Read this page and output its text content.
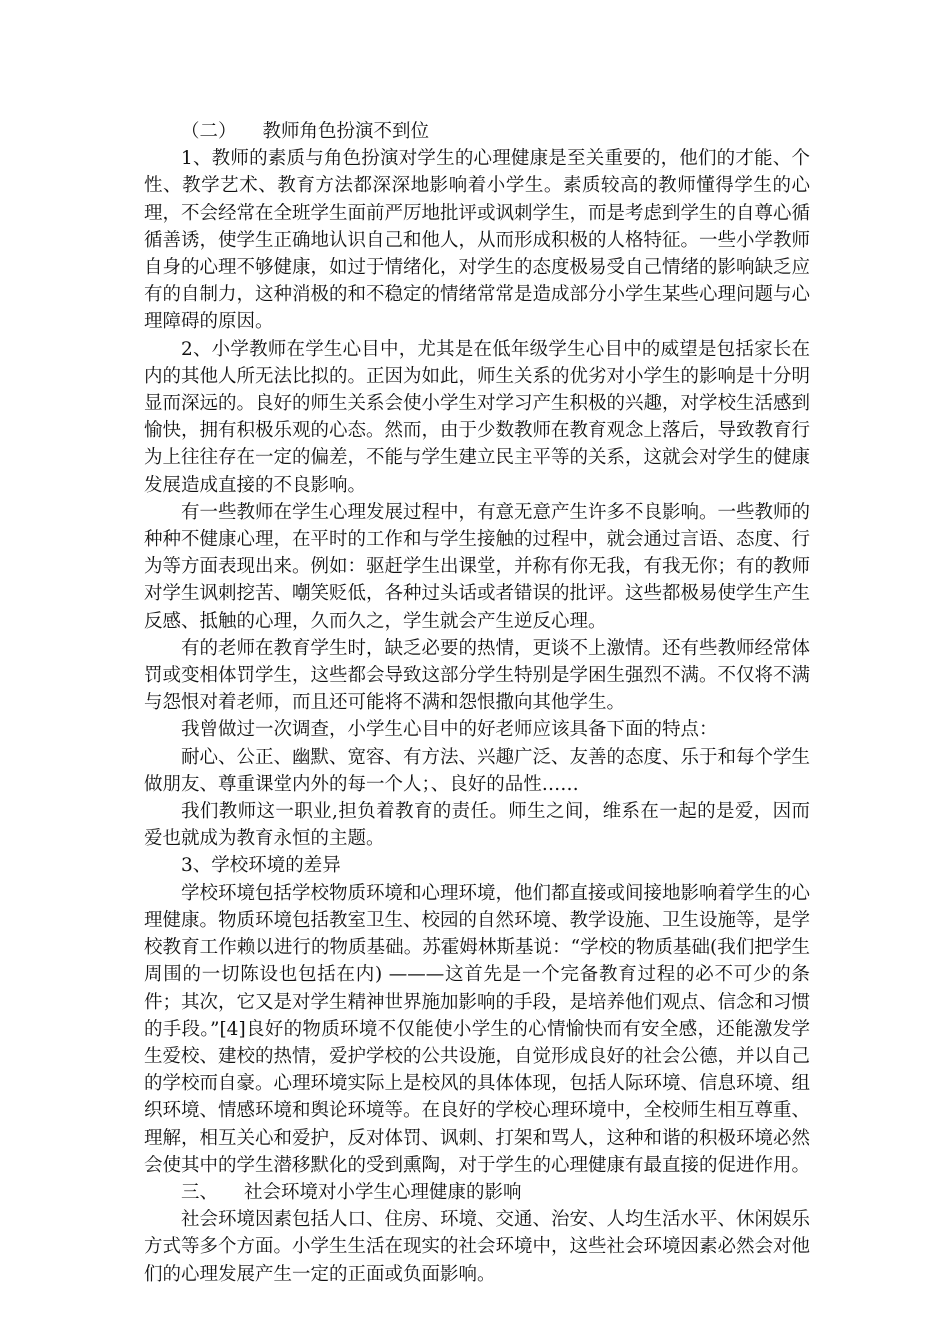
（二） 教师角色扮演不到位

1、教师的素质与角色扮演对学生的心理健康是至关重要的，他们的才能、个性、教学艺术、教育方法都深深地影响着小学生。素质较高的教师懂得学生的心理，不会经常在全班学生面前严厉地批评或讽刺学生，而是考虑到学生的自尊心循循善诱，使学生正确地认识自己和他人，从而形成积极的人格特征。一些小学教师自身的心理不够健康，如过于情绪化，对学生的态度极易受自己情绪的影响缺乏应有的自制力，这种消极的和不稳定的情绪常常是造成部分小学生某些心理问题与心理障碍的原因。

2、小学教师在学生心目中，尤其是在低年级学生心目中的威望是包括家长在内的其他人所无法比拟的。正因为如此，师生关系的优劣对小学生的影响是十分明显而深远的。良好的师生关系会使小学生对学习产生积极的兴趣，对学校生活感到愉快，拥有积极乐观的心态。然而，由于少数教师在教育观念上落后，导致教育行为上往往存在一定的偏差，不能与学生建立民主平等的关系，这就会对学生的健康发展造成直接的不良影响。

有一些教师在学生心理发展过程中，有意无意产生许多不良影响。一些教师的种种不健康心理，在平时的工作和与学生接触的过程中，就会通过言语、态度、行为等方面表现出来。例如：驱赶学生出课堂，并称有你无我，有我无你；有的教师对学生讽刺挖苦、嘲笑贬低，各种过头话或者错误的批评。这些都极易使学生产生反感、抵触的心理，久而久之，学生就会产生逆反心理。

有的老师在教育学生时，缺乏必要的热情，更谈不上激情。还有些教师经常体罚或变相体罚学生，这些都会导致这部分学生特别是学困生强烈不满。不仅将不满与怨恨对着老师，而且还可能将不满和怨恨撒向其他学生。

我曾做过一次调查，小学生心目中的好老师应该具备下面的特点：

耐心、公正、幽默、宽容、有方法、兴趣广泛、友善的态度、乐于和每个学生做朋友、尊重课堂内外的每一个人；、良好的品性……

我们教师这一职业,担负着教育的责任。师生之间，维系在一起的是爱，因而爱也就成为教育永恒的主题。

3、学校环境的差异

学校环境包括学校物质环境和心理环境，他们都直接或间接地影响着学生的心理健康。物质环境包括教室卫生、校园的自然环境、教学设施、卫生设施等，是学校教育工作赖以进行的物质基础。苏霍姆林斯基说：“学校的物质基础(我们把学生周围的一切陈设也包括在内) ———这首先是一个完备教育过程的必不可少的条件；其次，它又是对学生精神世界施加影响的手段，是培养他们观点、信念和习惯的手段。”[4]良好的物质环境不仅能使小学生的心情愉快而有安全感，还能激发学生爱校、建校的热情，爱护学校的公共设施，自觉形成良好的社会公德，并以自己的学校而自豪。心理环境实际上是校风的具体体现，包括人际环境、信息环境、组织环境、情感环境和舆论环境等。在良好的学校心理环境中，全校师生相互尊重、理解，相互关心和爱护，反对体罚、讽刺、打架和骂人，这种和谐的积极环境必然会使其中的学生潜移默化的受到熏陶，对于学生的心理健康有最直接的促进作用。

三、 社会环境对小学生心理健康的影响

社会环境因素包括人口、住房、环境、交通、治安、人均生活水平、休闲娱乐方式等多个方面。小学生生活在现实的社会环境中，这些社会环境因素必然会对他们的心理发展产生一定的正面或负面影响。
